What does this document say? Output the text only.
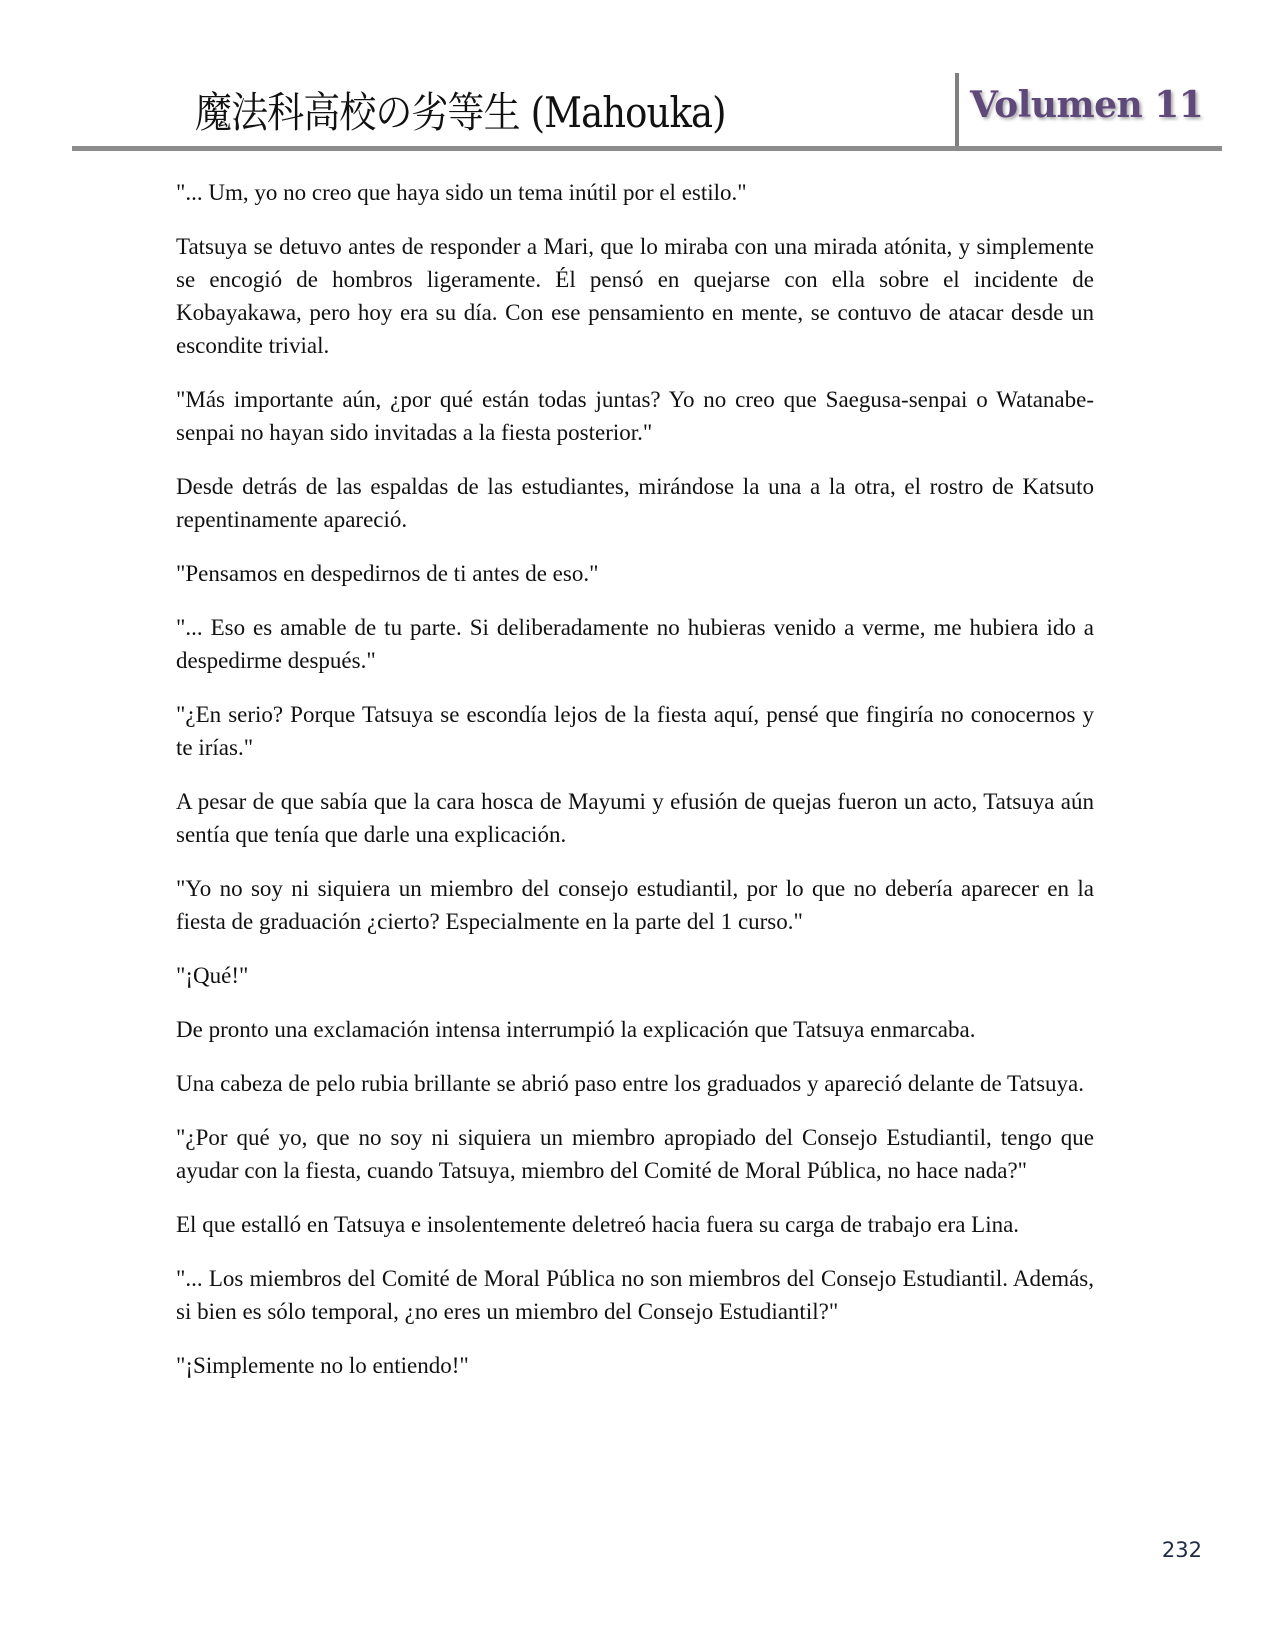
魔法科高校の劣等生 (Mahouka)	Volumen 11

"... Um, yo no creo que haya sido un tema inútil por el estilo."

Tatsuya se detuvo antes de responder a Mari, que lo miraba con una mirada atónita, y simplemente se encogió de hombros ligeramente. Él pensó en quejarse con ella sobre el incidente de Kobayakawa, pero hoy era su día. Con ese pensamiento en mente, se contuvo de atacar desde un escondite trivial.

"Más importante aún, ¿por qué están todas juntas? Yo no creo que Saegusa-senpai o Watanabe-senpai no hayan sido invitadas a la fiesta posterior."

Desde detrás de las espaldas de las estudiantes, mirándose la una a la otra, el rostro de Katsuto repentinamente apareció.

"Pensamos en despedirnos de ti antes de eso."

"... Eso es amable de tu parte. Si deliberadamente no hubieras venido a verme, me hubiera ido a despedirme después."

"¿En serio? Porque Tatsuya se escondía lejos de la fiesta aquí, pensé que fingiría no conocernos y te irías."

A pesar de que sabía que la cara hosca de Mayumi y efusión de quejas fueron un acto, Tatsuya aún sentía que tenía que darle una explicación.

"Yo no soy ni siquiera un miembro del consejo estudiantil, por lo que no debería aparecer en la fiesta de graduación ¿cierto? Especialmente en la parte del 1 curso."

"¡Qué!"

De pronto una exclamación intensa interrumpió la explicación que Tatsuya enmarcaba.

Una cabeza de pelo rubia brillante se abrió paso entre los graduados y apareció delante de Tatsuya.

"¿Por qué yo, que no soy ni siquiera un miembro apropiado del Consejo Estudiantil, tengo que ayudar con la fiesta, cuando Tatsuya, miembro del Comité de Moral Pública, no hace nada?"

El que estalló en Tatsuya e insolentemente deletreó hacia fuera su carga de trabajo era Lina.

"... Los miembros del Comité de Moral Pública no son miembros del Consejo Estudiantil. Además, si bien es sólo temporal, ¿no eres un miembro del Consejo Estudiantil?"

"¡Simplemente no lo entiendo!"

232
